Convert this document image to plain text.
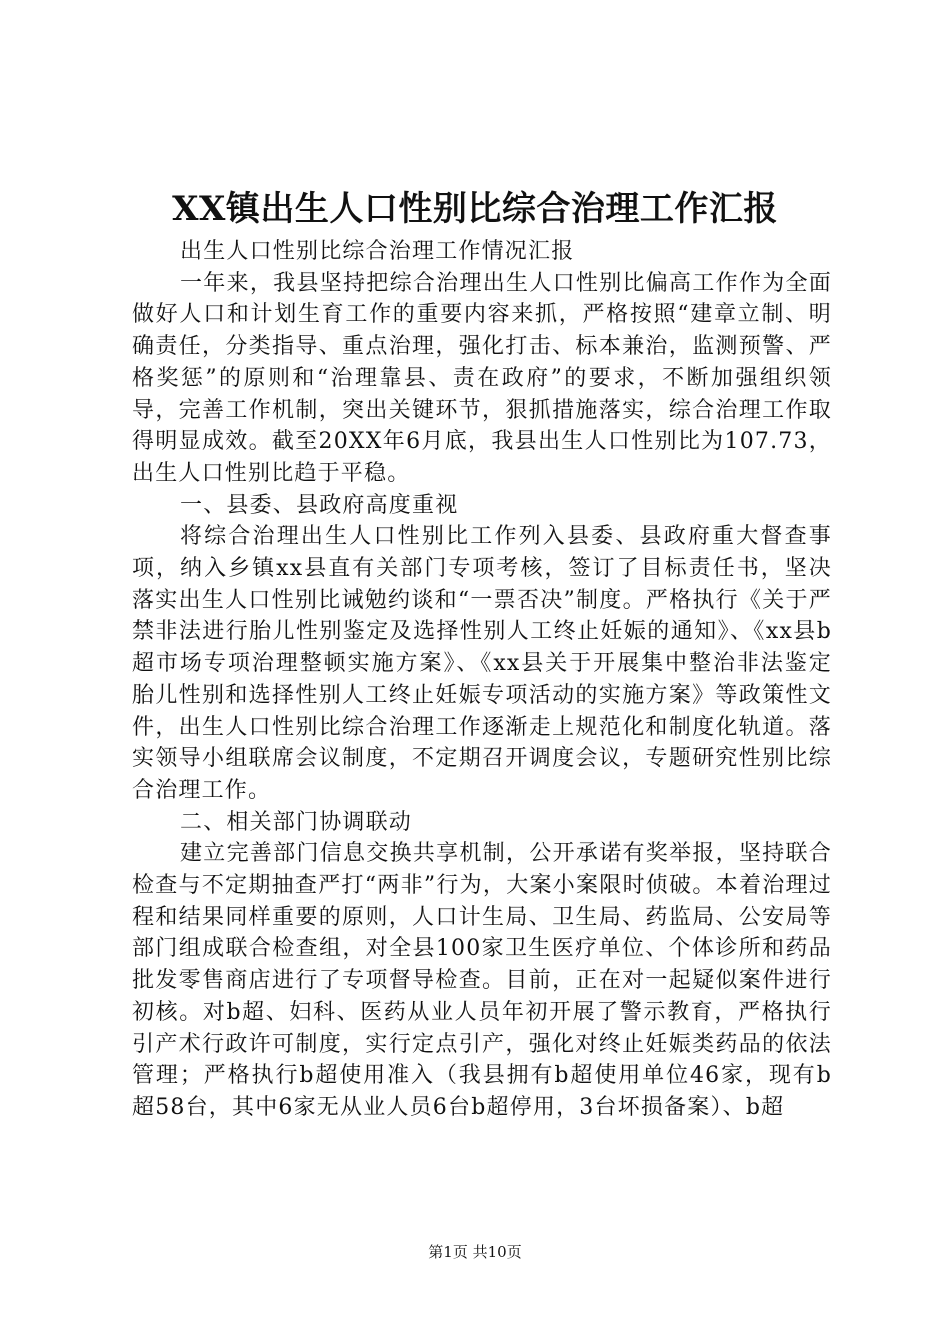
XX镇出生人口性别比综合治理工作汇报

出生人口性别比综合治理工作情况汇报

一年来，我县坚持把综合治理出生人口性别比偏高工作作为全面做好人口和计划生育工作的重要内容来抓，严格按照“建章立制、明确责任，分类指导、重点治理，强化打击、标本兼治，监测预警、严格奖惩”的原则和“治理靠县、责在政府”的要求，不断加强组织领导，完善工作机制，突出关键环节，狠抓措施落实，综合治理工作取得明显成效。截至20XX年6月底，我县出生人口性别比为107.73，出生人口性别比趋于平稳。

一、县委、县政府高度重视

将综合治理出生人口性别比工作列入县委、县政府重大督查事项，纳入乡镇xx县直有关部门专项考核，签订了目标责任书，坚决落实出生人口性别比诫勉约谈和“一票否决”制度。严格执行《关于严禁非法进行胎儿性别鉴定及选择性别人工终止妊娠的通知》、《xx县b超市场专项治理整顿实施方案》、《xx县关于开展集中整治非法鉴定胎儿性别和选择性别人工终止妊娠专项活动的实施方案》等政策性文件，出生人口性别比综合治理工作逐渐走上规范化和制度化轨道。落实领导小组联席会议制度，不定期召开调度会议，专题研究性别比综合治理工作。

二、相关部门协调联动

建立完善部门信息交换共享机制，公开承诺有奖举报，坚持联合检查与不定期抽查严打“两非”行为，大案小案限时侦破。本着治理过程和结果同样重要的原则，人口计生局、卫生局、药监局、公安局等部门组成联合检查组，对全县100家卫生医疗单位、个体诊所和药品批发零售商店进行了专项督导检查。目前，正在对一起疑似案件进行初核。对b超、妇科、医药从业人员年初开展了警示教育，严格执行引产术行政许可制度，实行定点引产，强化对终止妊娠类药品的依法管理；严格执行b超使用准入（我县拥有b超使用单位46家，现有b超58台，其中6家无从业人员6台b超停用，3台坏损备案）、b超

第1页 共10页
